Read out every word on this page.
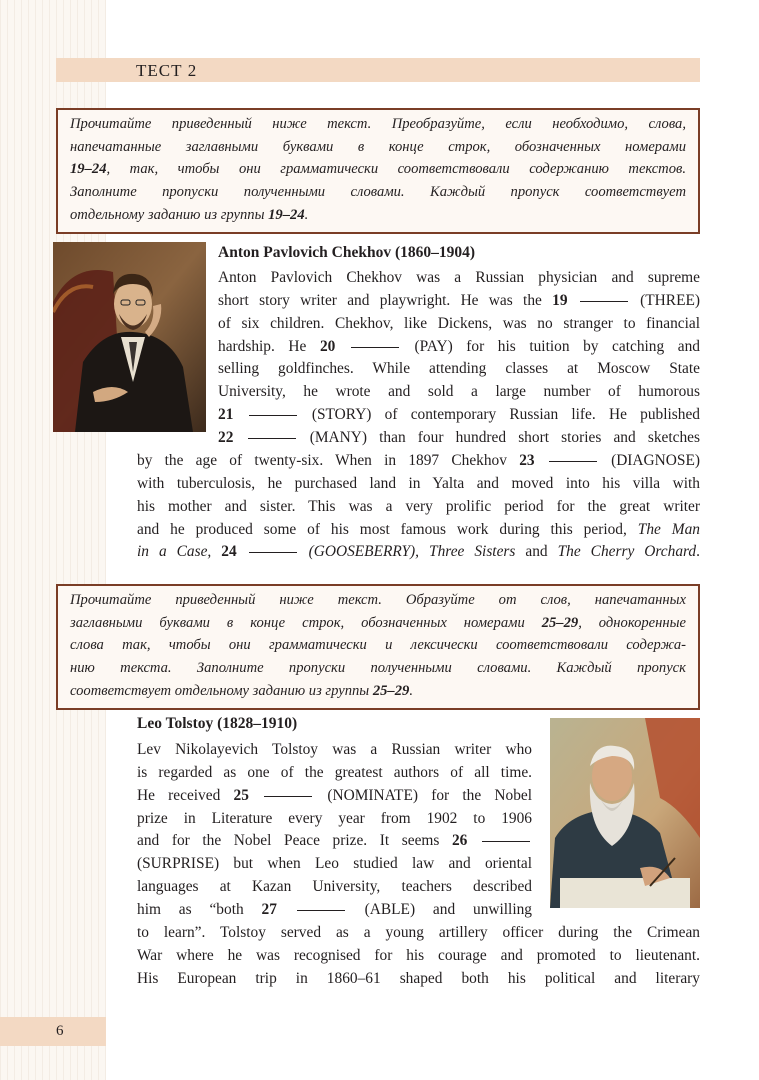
ТЕСТ 2
Прочитайте приведенный ниже текст. Преобразуйте, если необходимо, слова,
напечатанные заглавными буквами в конце строк, обозначенных номерами
19–24, так, чтобы они грамматически соответствовали содержанию текстов.
Заполните пропуски полученными словами. Каждый пропуск соответствует
отдельному заданию из группы 19–24.
Anton Pavlovich Chekhov (1860–1904)
Anton Pavlovich Chekhov was a Russian physician and supreme
short story writer and playwright. He was the 19	(THREE)
of six children. Chekhov, like Dickens, was no stranger to financial
hardship. He 20	(PAY) for his tuition by catching and
selling goldfinches. While attending classes at Moscow State
University, he wrote and sold a large number of humorous
21	(STORY) of contemporary Russian life. He published
22	(MANY) than four hundred short stories and sketches
by the age of twenty-six. When in 1897 Chekhov 23	(DIAGNOSE)
with tuberculosis, he purchased land in Yalta and moved into his villa with
his mother and sister. This was a very prolific period for the great writer
and he produced some of his most famous work during this period, The Man
in a Case, 24	(GOOSEBERRY), Three Sisters and The Cherry Orchard.
Прочитайте приведенный ниже текст. Образуйте от слов, напечатанных
заглавными буквами в конце строк, обозначенных номерами 25–29, однокоренные
слова так, чтобы они грамматически и лексически соответствовали содержа-
нию текста. Заполните пропуски полученными словами. Каждый пропуск
соответствует отдельному заданию из группы 25–29.
Leo Tolstoy (1828–1910)
Lev Nikolayevich Tolstoy was a Russian writer who
is regarded as one of the greatest authors of all time.
He received 25	(NOMINATE) for the Nobel
prize in Literature every year from 1902 to 1906
and for the Nobel Peace prize. It seems 26
(SURPRISE) but when Leo studied law and oriental
languages at Kazan University, teachers described
him as “both 27	(ABLE) and unwilling
to learn”. Tolstoy served as a young artillery officer during the Crimean
War where he was recognised for his courage and promoted to lieutenant.
His European trip in 1860–61 shaped both his political and literary
6
